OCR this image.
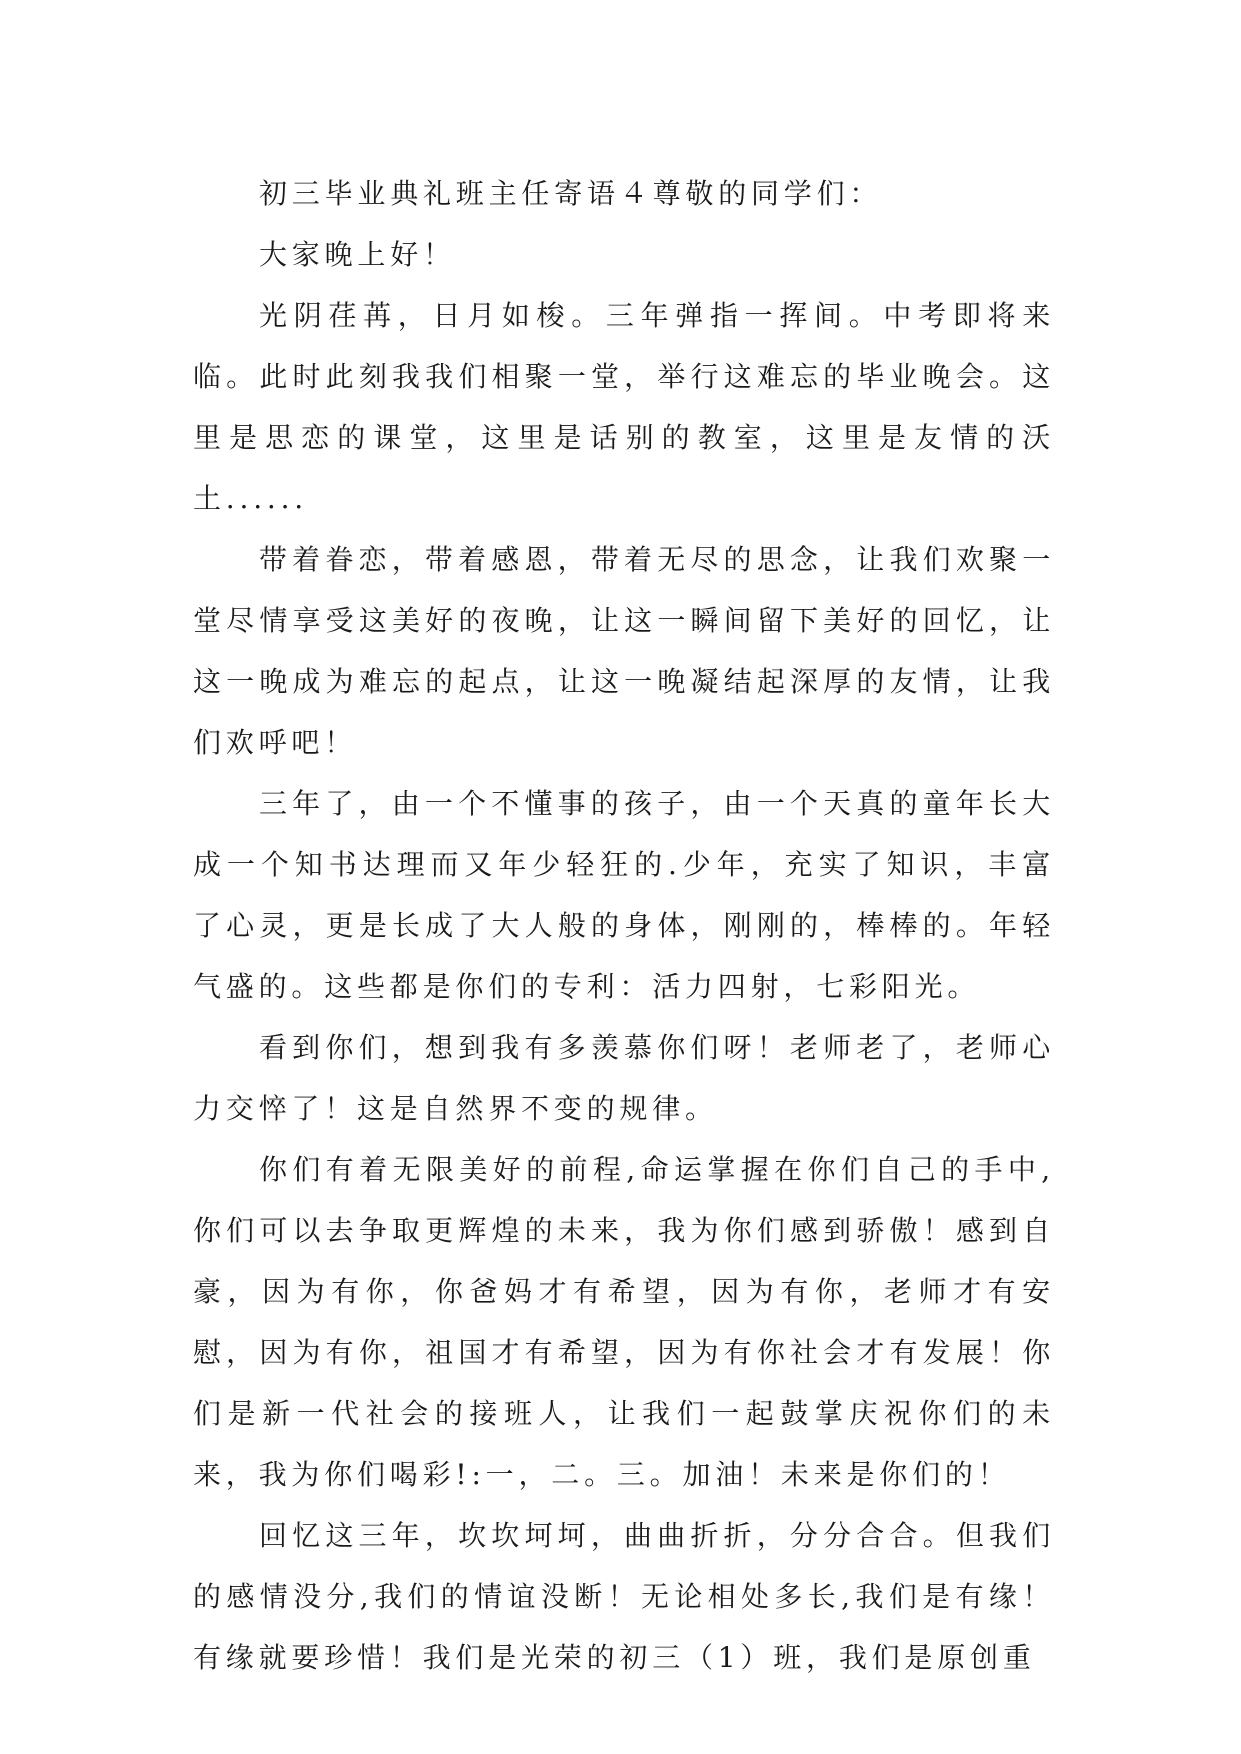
初三毕业典礼班主任寄语４尊敬的同学们：

大家晚上好！

光阴荏苒，日月如梭。三年弹指一挥间。中考即将来临。此时此刻我我们相聚一堂，举行这难忘的毕业晚会。这里是思恋的课堂，这里是话别的教室，这里是友情的沃土......

带着眷恋，带着感恩，带着无尽的思念，让我们欢聚一堂尽情享受这美好的夜晚，让这一瞬间留下美好的回忆，让这一晚成为难忘的起点，让这一晚凝结起深厚的友情，让我们欢呼吧！

三年了，由一个不懂事的孩子，由一个天真的童年长大成一个知书达理而又年少轻狂的.少年，充实了知识，丰富了心灵，更是长成了大人般的身体，刚刚的，棒棒的。年轻气盛的。这些都是你们的专利：活力四射，七彩阳光。

看到你们，想到我有多羡慕你们呀！老师老了，老师心力交悴了！这是自然界不变的规律。

你们有着无限美好的前程,命运掌握在你们自己的手中,你们可以去争取更辉煌的未来，我为你们感到骄傲！感到自豪，因为有你，你爸妈才有希望，因为有你，老师才有安慰，因为有你，祖国才有希望，因为有你社会才有发展！你们是新一代社会的接班人，让我们一起鼓掌庆祝你们的未来，我为你们喝彩!:一，二。三。加油！未来是你们的！

回忆这三年，坎坎坷坷，曲曲折折，分分合合。但我们的感情没分,我们的情谊没断！无论相处多长,我们是有缘！有缘就要珍惜！我们是光荣的初三（1）班，我们是原创重
